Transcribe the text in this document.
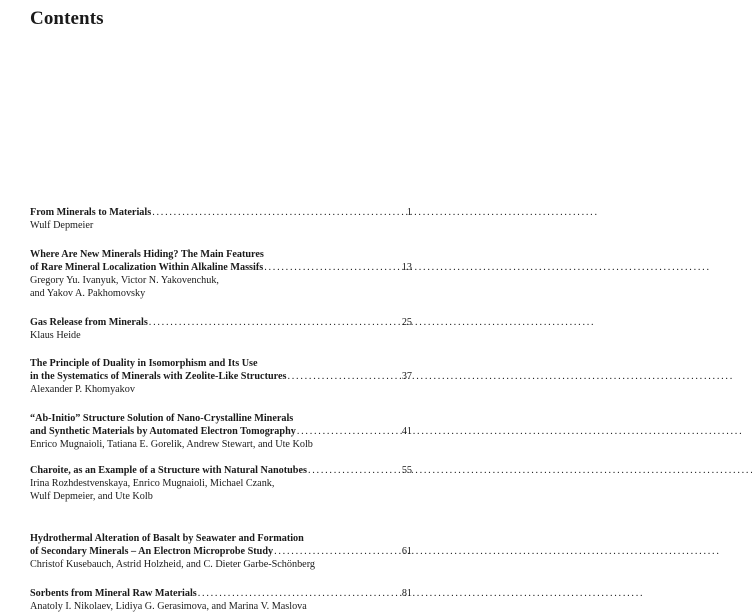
Contents
From Minerals to Materials . . .	1
Wulf Depmeier
Where Are New Minerals Hiding? The Main Features
of Rare Mineral Localization Within Alkaline Massifs . . .	13
Gregory Yu. Ivanyuk, Victor N. Yakovenchuk,
and Yakov A. Pakhomovsky
Gas Release from Minerals . . .	25
Klaus Heide
The Principle of Duality in Isomorphism and Its Use
in the Systematics of Minerals with Zeolite-Like Structures . . .	37
Alexander P. Khomyakov
“Ab-Initio” Structure Solution of Nano-Crystalline Minerals
and Synthetic Materials by Automated Electron Tomography . . .	41
Enrico Mugnaioli, Tatiana E. Gorelik, Andrew Stewart, and Ute Kolb
Charoite, as an Example of a Structure with Natural Nanotubes . . .	55
Irina Rozhdestvenskaya, Enrico Mugnaioli, Michael Czank,
Wulf Depmeier, and Ute Kolb
Hydrothermal Alteration of Basalt by Seawater and Formation
of Secondary Minerals – An Electron Microprobe Study . . .	61
Christof Kusebauch, Astrid Holzheid, and C. Dieter Garbe-Schönberg
Sorbents from Mineral Raw Materials . . .	81
Anatoly I. Nikolaev, Lidiya G. Gerasimova, and Marina V. Maslova
